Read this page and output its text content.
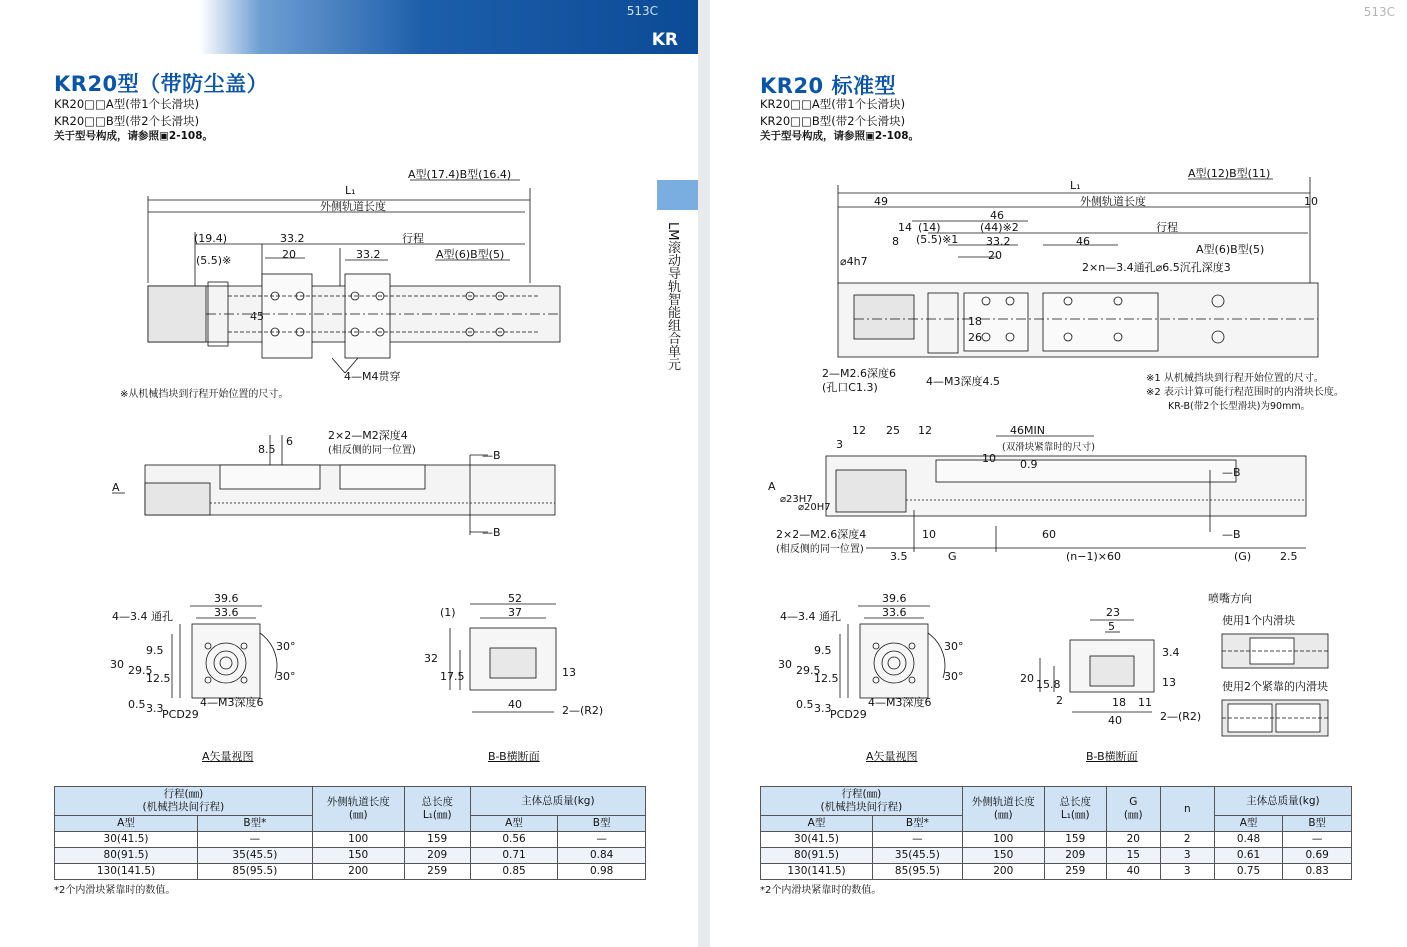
513C
KR
KR20型（带防尘盖）
KR20□□A型(带1个长滑块)
KR20□□B型(带2个长滑块)
关于型号构成，请参照▣2-108。
LM滚动导轨智能组合单元
L₁
A型(17.4)B型(16.4)
外侧轨道长度
(19.4)	33.2	行程
(5.5)※	20	33.2	A型(6)B型(5)
45
4—M4贯穿
※从机械挡块到行程开始位置的尺寸。
8.5
6	2×2—M2深度4
(相反侧的同一位置)	—B
A
—B
39.6
33.6
4—3.4 通孔
30 29.5
9.5
12.5
0.5 3.3
PCD29
4—M3深度6
30°
30°
A矢量视图
52
37
(1)
32
17.5	13
40	2—(R2)
B-B横断面
行程(㎜)
(机械挡块间行程)		外侧轨道长度
(㎜)	总长度
L₁(㎜)	主体总质量(kg)	
A型	B型*			A型	B型
30(41.5)	—	100	159	0.56	—
80(91.5)	35(45.5)	150	209	0.71	0.84
130(141.5)	85(95.5)	200	259	0.85	0.98
*2个内滑块紧靠时的数值。
513C
KR20 标准型
KR20□□A型(带1个长滑块)
KR20□□B型(带2个长滑块)
关于型号构成，请参照▣2-108。
L₁
A型(12)B型(11)
49	外侧轨道长度	10
46
(44)※2
14 (14)	行程
8 (5.5)※1	33.2	46
A型(6)B型(5)
20
2×n—3.4通孔⌀6.5沉孔深度3
⌀4h7
18
26
2—M2.6深度6
(孔口C1.3)	4—M3深度4.5	※1 从机械挡块到行程开始位置的尺寸。
※2 表示计算可能行程范围时的内滑块长度。
KR-B(带2个长型滑块)为90mm。
12 25 12
3
46MIN
(双滑块紧靠时的尺寸)
10 0.9
⌀23H7
⌀20H7
A
—B
—B
10	60
2×2—M2.6深度4
(相反侧的同一位置)
3.5	G	(n−1)×60	(G)	2.5
39.6
33.6
4—3.4 通孔
30 29.5
9.5
12.5
0.5 3.3
PCD29
4—M3深度6
30°
30°
A矢量视图
23
5
3.4
20 15.8
2
13
18 11
40	2—(R2)
B-B横断面
喷嘴方向
使用1个内滑块
使用2个紧靠的内滑块
行程(㎜)
(机械挡块间行程)		外侧轨道长度
(㎜)	总长度
L₁(㎜)	G
(㎜)	n	主体总质量(kg)	
A型	B型*					A型	B型
30(41.5)	—	100	159	20	2	0.48	—
80(91.5)	35(45.5)	150	209	15	3	0.61	0.69
130(141.5)	85(95.5)	200	259	40	3	0.75	0.83
*2个内滑块紧靠时的数值。
